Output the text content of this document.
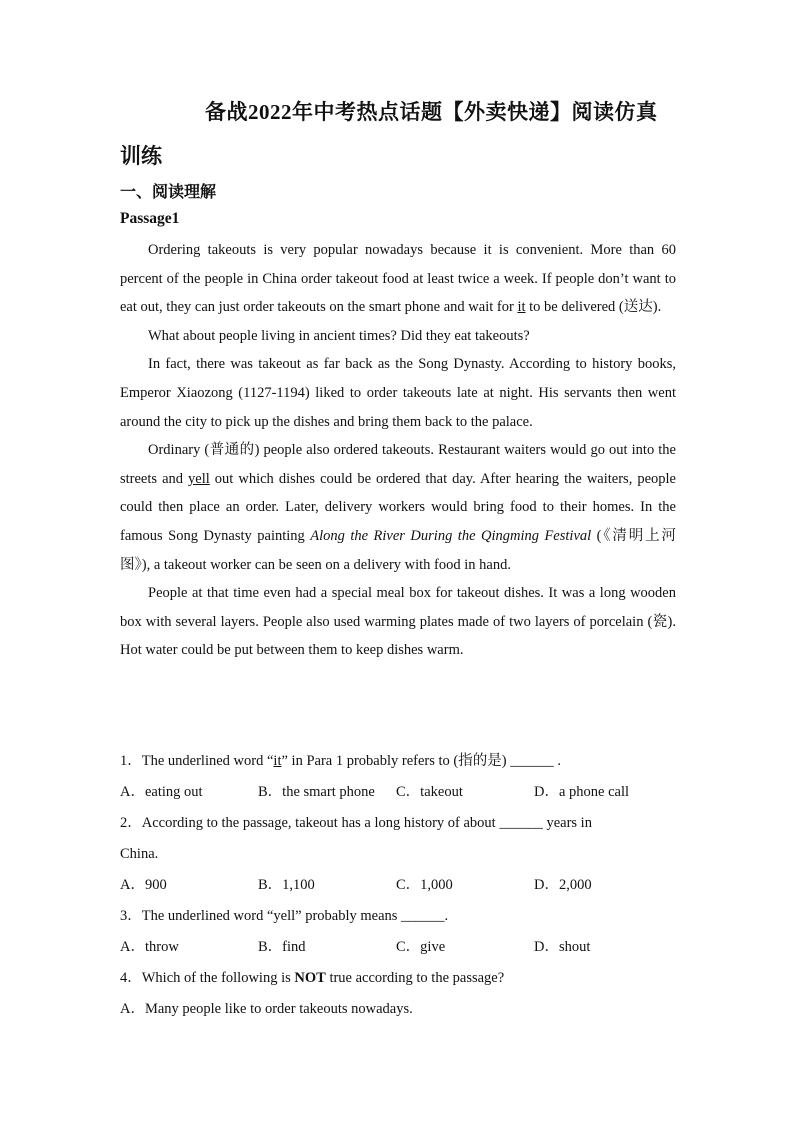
备战2022年中考热点话题【外卖快递】阅读仿真
训练
一、阅读理解
Passage1

Ordering takeouts is very popular nowadays because it is convenient. More than 60 percent of the people in China order takeout food at least twice a week. If people don’t want to eat out, they can just order takeouts on the smart phone and wait for it to be delivered (送达).

What about people living in ancient times? Did they eat takeouts?

In fact, there was takeout as far back as the Song Dynasty. According to history books, Emperor Xiaozong (1127-1194) liked to order takeouts late at night. His servants then went around the city to pick up the dishes and bring them back to the palace.

Ordinary (普通的) people also ordered takeouts. Restaurant waiters would go out into the streets and yell out which dishes could be ordered that day. After hearing the waiters, people could then place an order. Later, delivery workers would bring food to their homes. In the famous Song Dynasty painting Along the River During the Qingming Festival (《清明上河图》), a takeout worker can be seen on a delivery with food in hand.

People at that time even had a special meal box for takeout dishes. It was a long wooden box with several layers. People also used warming plates made of two layers of porcelain (瓷). Hot water could be put between them to keep dishes warm.

1．The underlined word “it” in Para 1 probably refers to (指的是) ______ .
A．eating out	B．the smart phone C．takeout	D．a phone call
2．According to the passage, takeout has a long history of about ______ years in
China.
A．900	B．1,100	C．1,000	D．2,000
3．The underlined word “yell” probably means ______.
A．throw	B．find	C．give	D．shout
4．Which of the following is NOT true according to the passage?
A．Many people like to order takeouts nowadays.
